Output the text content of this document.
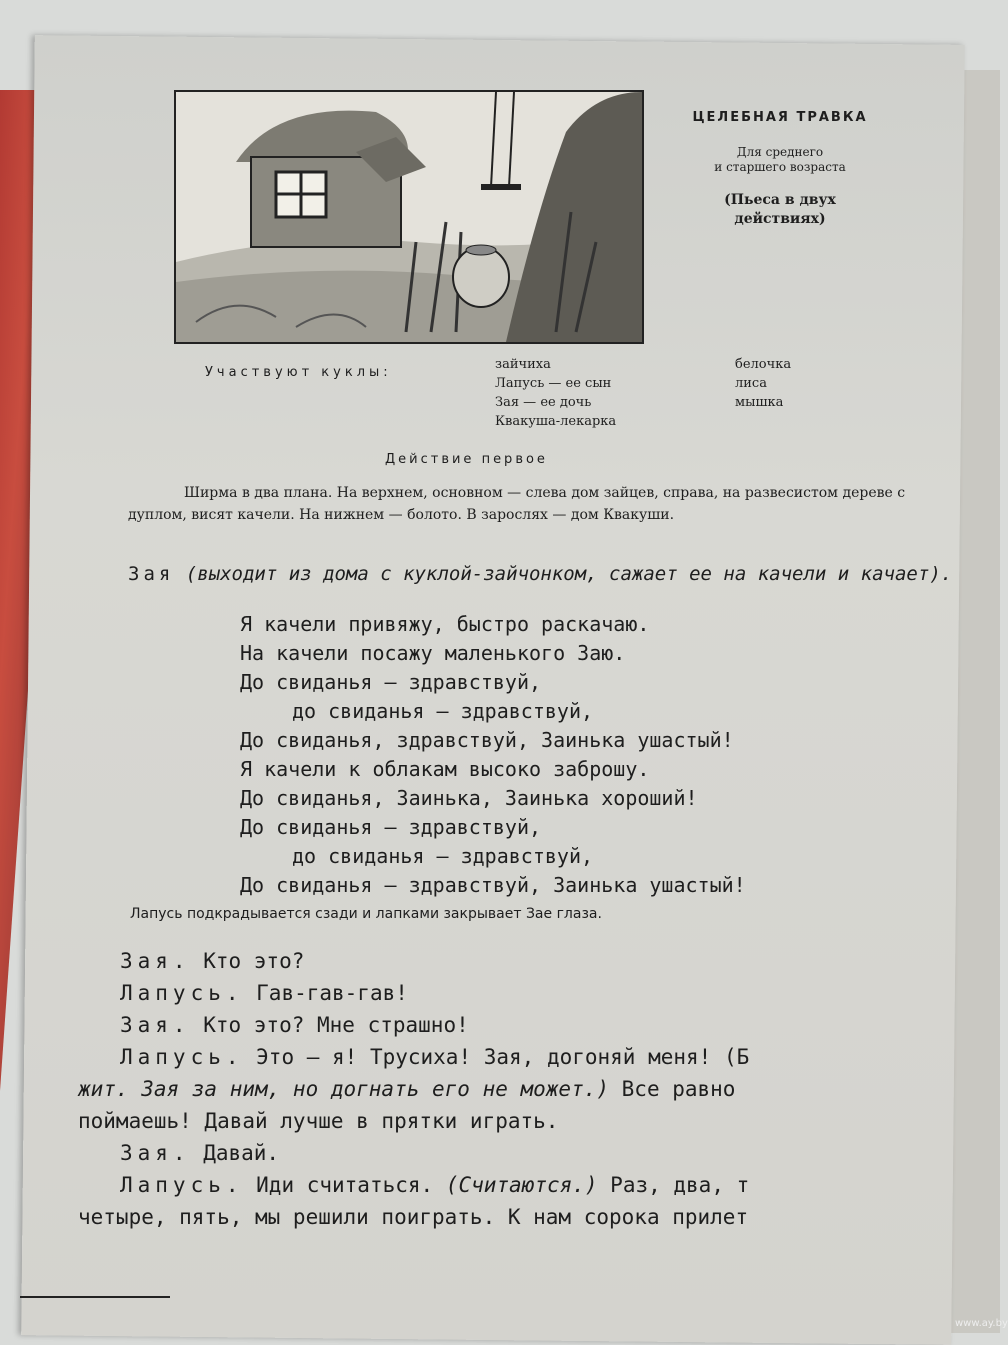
ЦЕЛЕБНАЯ ТРАВКА

Для среднего
и старшего возраста

(Пьеса в двух
действиях)

Участвуют куклы:
зайчиха
Лапусь — ее сын
Зая — ее дочь
Квакуша-лекарка
белочка
лиса
мышка
Действие первое
Ширма в два плана. На верхнем, основном — слева дом зайцев, справа, на развесистом дереве с дуплом, висят качели. На нижнем — болото. В зарослях — дом Квакуши.
Зая (выходит из дома с куклой-зайчонком, сажает ее на качели и качает).
Я качели привяжу, быстро раскачаю.
На качели посажу маленького Заю.
До свиданья — здравствуй,
до свиданья — здравствуй,
До свиданья, здравствуй, Заинька ушастый!
Я качели к облакам высоко заброшу.
До свиданья, Заинька, Заинька хороший!
До свиданья — здравствуй,
до свиданья — здравствуй,
До свиданья — здравствуй, Заинька ушастый!
Лапусь подкрадывается сзади и лапками закрывает Зае глаза.

Зая. Кто это?

Лапусь. Гав-гав-гав!

Зая. Кто это? Мне страшно!

Лапусь. Это — я! Трусиха! Зая, догоняй меня! (Б

жит. Зая за ним, но догнать его не может.) Все равно

поймаешь! Давай лучше в прятки играть.

Зая. Давай.

Лапусь. Иди считаться. (Считаются.) Раз, два, т

четыре, пять, мы решили поиграть. К нам сорока прилет

www.ay.by
